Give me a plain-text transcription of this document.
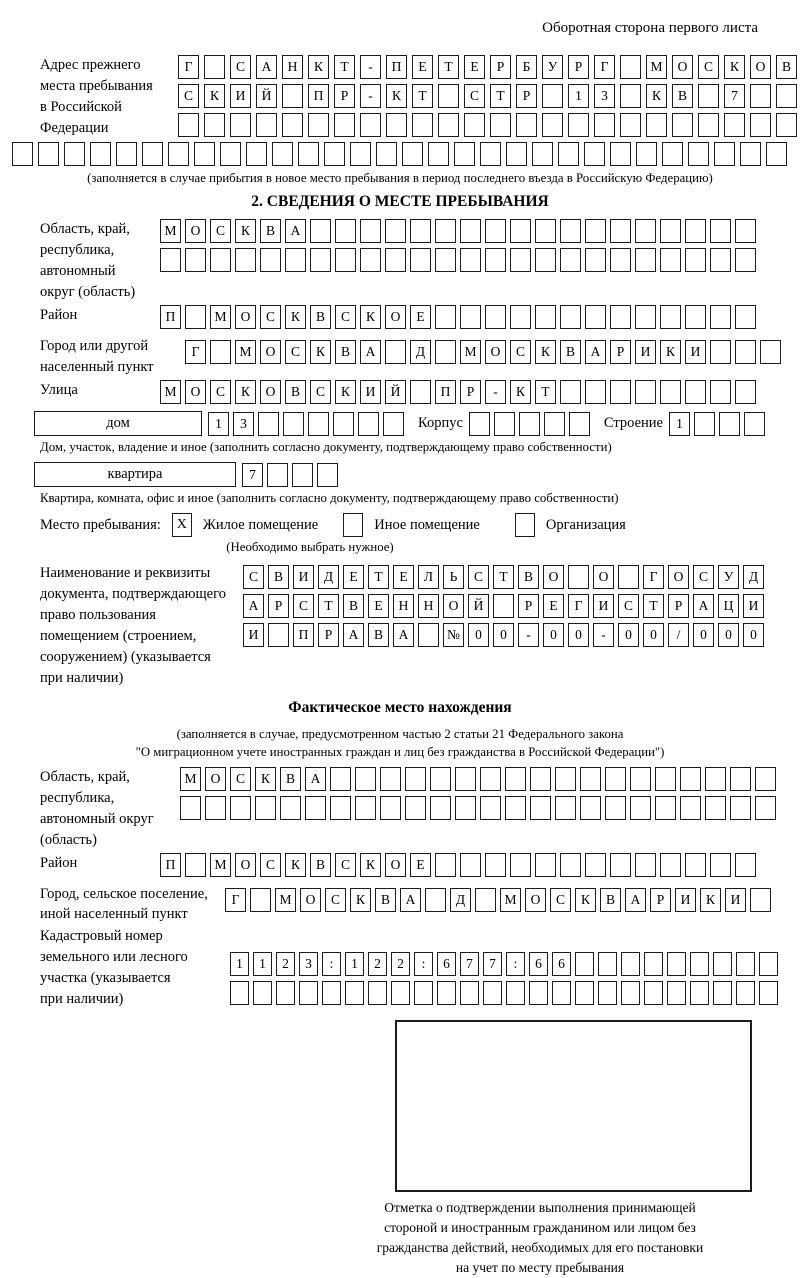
Оборотная сторона первого листа
Адрес прежнего
места пребывания
в Российской
Федерации
Г	С	А	Н	К	Т	-	П	Е	Т	Е	Р	Б	У	Р	Г	М	О	С	К	О	В
С	К	И	Й	П	Р	-	К	Т	С	Т	Р	1	3	К	В	7
(заполняется в случае прибытия в новое место пребывания в период последнего въезда в Российскую Федерацию)
2. СВЕДЕНИЯ О МЕСТЕ ПРЕБЫВАНИЯ
Область, край,
республика,
автономный
округ (область)
М	О	С	К	В	А
Район	П	М	О	С	К	В	С	К	О	Е
Город или другой
населенный пункт
Г	М	О	С	К	В	А	Д	М	О	С	К	В	А	Р	И	К	И
Улица	М	О	С	К	О	В	С	К	И	Й	П	Р	-	К	Т
дом	1	3	Корпус	Строение 1
Дом, участок, владение и иное (заполнить согласно документу, подтверждающему право собственности)
квартира	7
Квартира, комната, офис и иное (заполнить согласно документу, подтверждающему право собственности)
Место пребывания:	X	Жилое помещение	Иное помещение	Организация
(Необходимо выбрать нужное)
Наименование и реквизиты
документа, подтверждающего
право пользования
помещением (строением,
сооружением) (указывается
при наличии)
С	В	И	Д	Е	Т	Е	Л	Ь	С	Т	В	О	О	Г	О	С	У	Д
А	Р	С	Т	В	Е	Н	Н	О	Й	Р	Е	Г	И	С	Т	Р	А	Ц	И
И	П	Р	А	В	А	№	0	0	-	0	0	-	0	0	/	0	0	0
Фактическое место нахождения
(заполняется в случае, предусмотренном частью 2 статьи 21 Федерального закона
"О миграционном учете иностранных граждан и лиц без гражданства в Российской Федерации")
Область, край,
республика,
автономный округ
(область)
М	О	С	К	В	А
Район	П	М	О	С	К	В	С	К	О	Е
Город, сельское поселение,
иной населенный пункт
Г	М	О	С	К	В	А	Д	М	О	С	К	В	А	Р	И	К	И
Кадастровый номер
земельного или лесного
участка (указывается
при наличии)
1	1	2	3	:	1	2	2	:	6	7	7	:	6	6
Отметка о подтверждении выполнения принимающей
стороной и иностранным гражданином или лицом без
гражданства действий, необходимых для его постановки
на учет по месту пребывания
